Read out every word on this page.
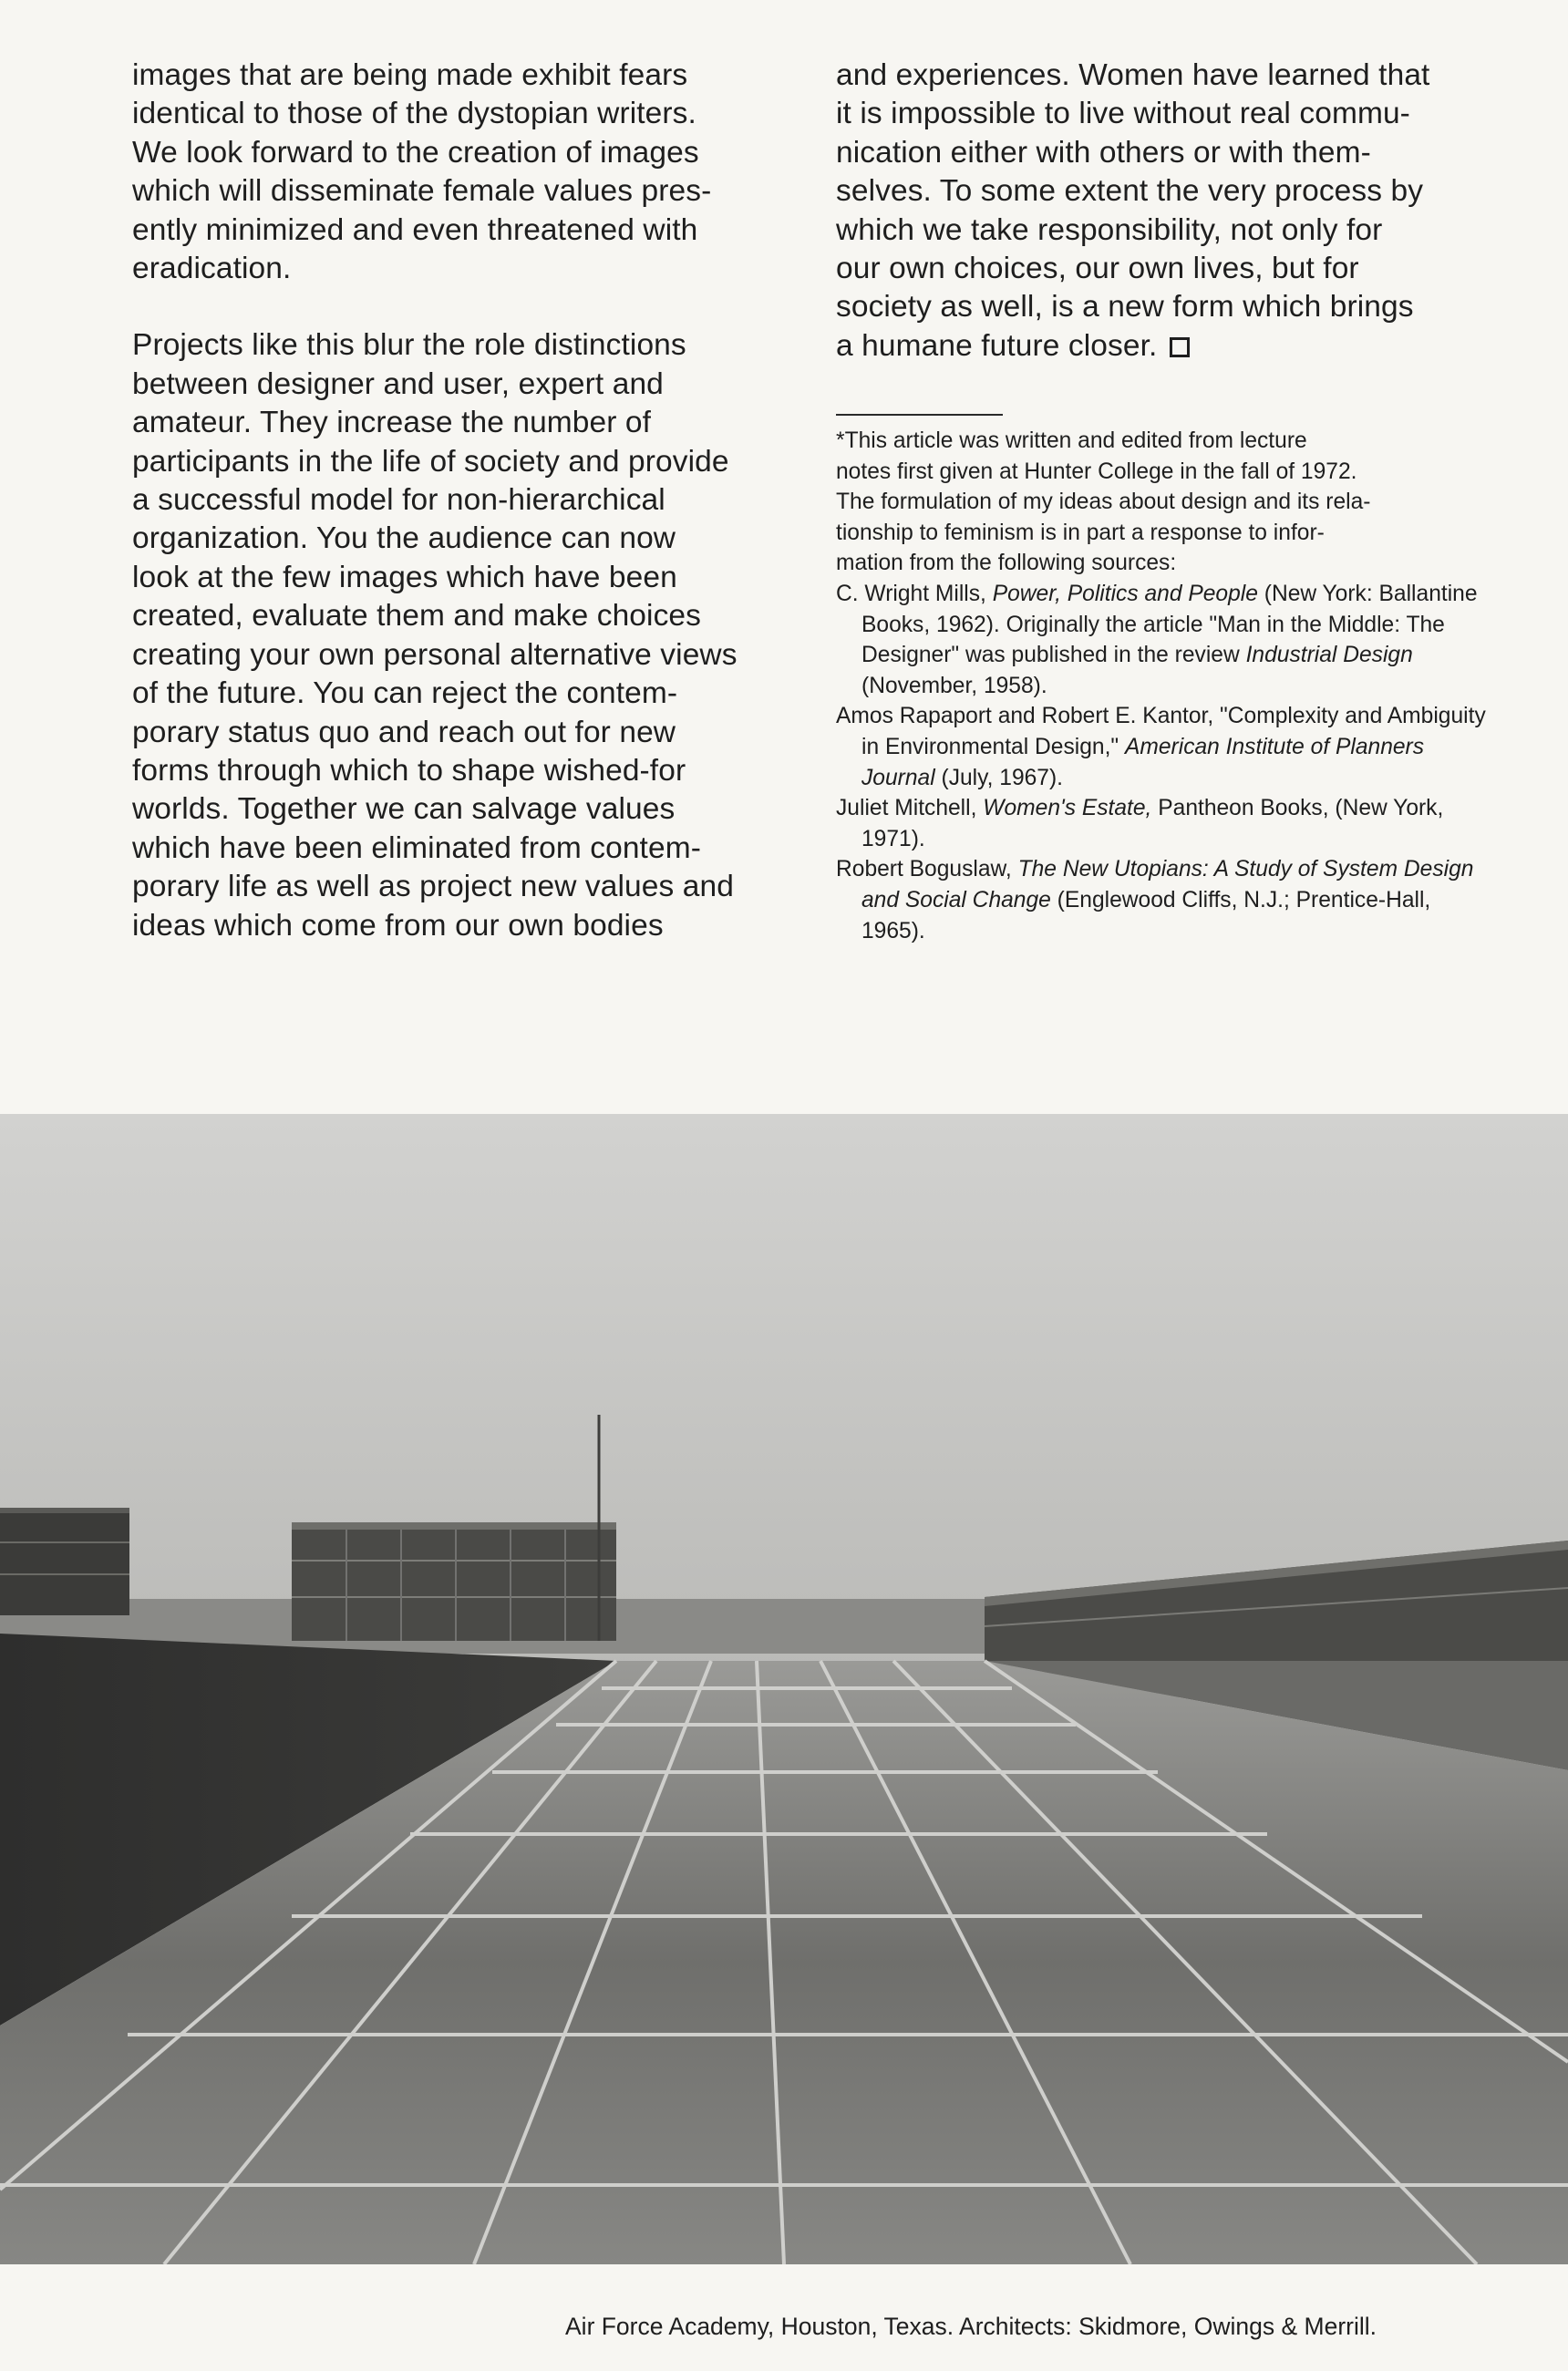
images that are being made exhibit fears
identical to those of the dystopian writers.
We look forward to the creation of images
which will disseminate female values pres-
ently minimized and even threatened with
eradication.

Projects like this blur the role distinctions
between designer and user, expert and
amateur. They increase the number of
participants in the life of society and provide
a successful model for non-hierarchical
organization. You the audience can now
look at the few images which have been
created, evaluate them and make choices
creating your own personal alternative views
of the future. You can reject the contem-
porary status quo and reach out for new
forms through which to shape wished-for
worlds. Together we can salvage values
which have been eliminated from contem-
porary life as well as project new values and
ideas which come from our own bodies

and experiences. Women have learned that
it is impossible to live without real commu-
nication either with others or with them-
selves. To some extent the very process by
which we take responsibility, not only for
our own choices, our own lives, but for
society as well, is a new form which brings
a humane future closer.

*This article was written and edited from lecture
notes first given at Hunter College in the fall of 1972.
The formulation of my ideas about design and its rela-
tionship to feminism is in part a response to infor-
mation from the following sources:

C. Wright Mills, Power, Politics and People (New York: Ballantine Books, 1962). Originally the article "Man in the Middle: The Designer" was published in the review Industrial Design (November, 1958).

Amos Rapaport and Robert E. Kantor, "Complexity and Ambiguity in Environmental Design," American Institute of Planners Journal (July, 1967).

Juliet Mitchell, Women's Estate, Pantheon Books, (New York, 1971).

Robert Boguslaw, The New Utopians: A Study of System Design and Social Change (Englewood Cliffs, N.J.; Prentice-Hall, 1965).

Air Force Academy, Houston, Texas. Architects: Skidmore, Owings & Merrill.
